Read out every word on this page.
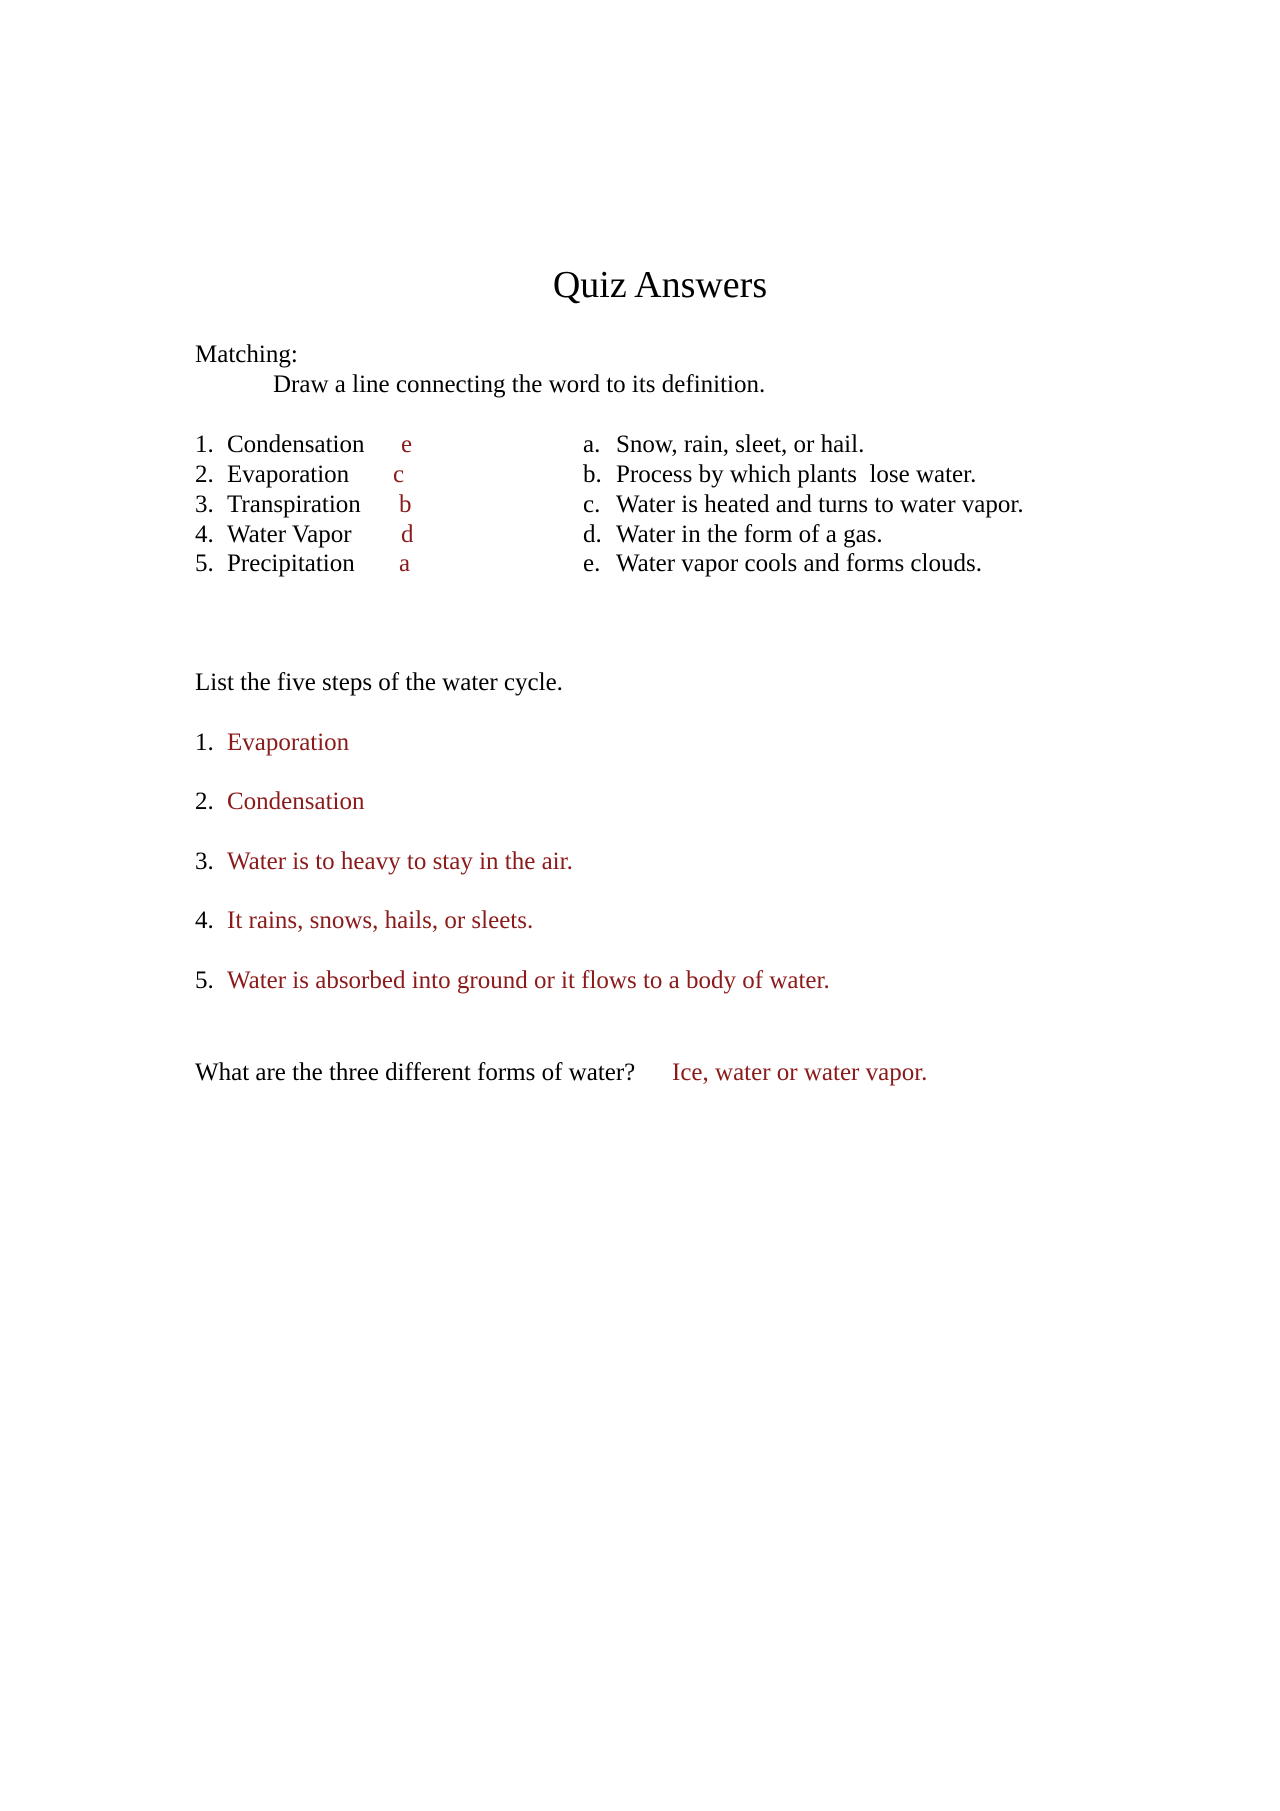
Quiz Answers
Matching:
Draw a line connecting the word to its definition.
1. Condensation e
2. Evaporation c
3. Transpiration b
4. Water Vapor d
5. Precipitation a
a. Snow, rain, sleet, or hail.
b. Process by which plants  lose water.
c. Water is heated and turns to water vapor.
d. Water in the form of a gas.
e. Water vapor cools and forms clouds.
List the five steps of the water cycle.
1. Evaporation
2. Condensation
3. Water is to heavy to stay in the air.
4. It rains, snows, hails, or sleets.
5. Water is absorbed into ground or it flows to a body of water.
What are the three different forms of water? Ice, water or water vapor.
